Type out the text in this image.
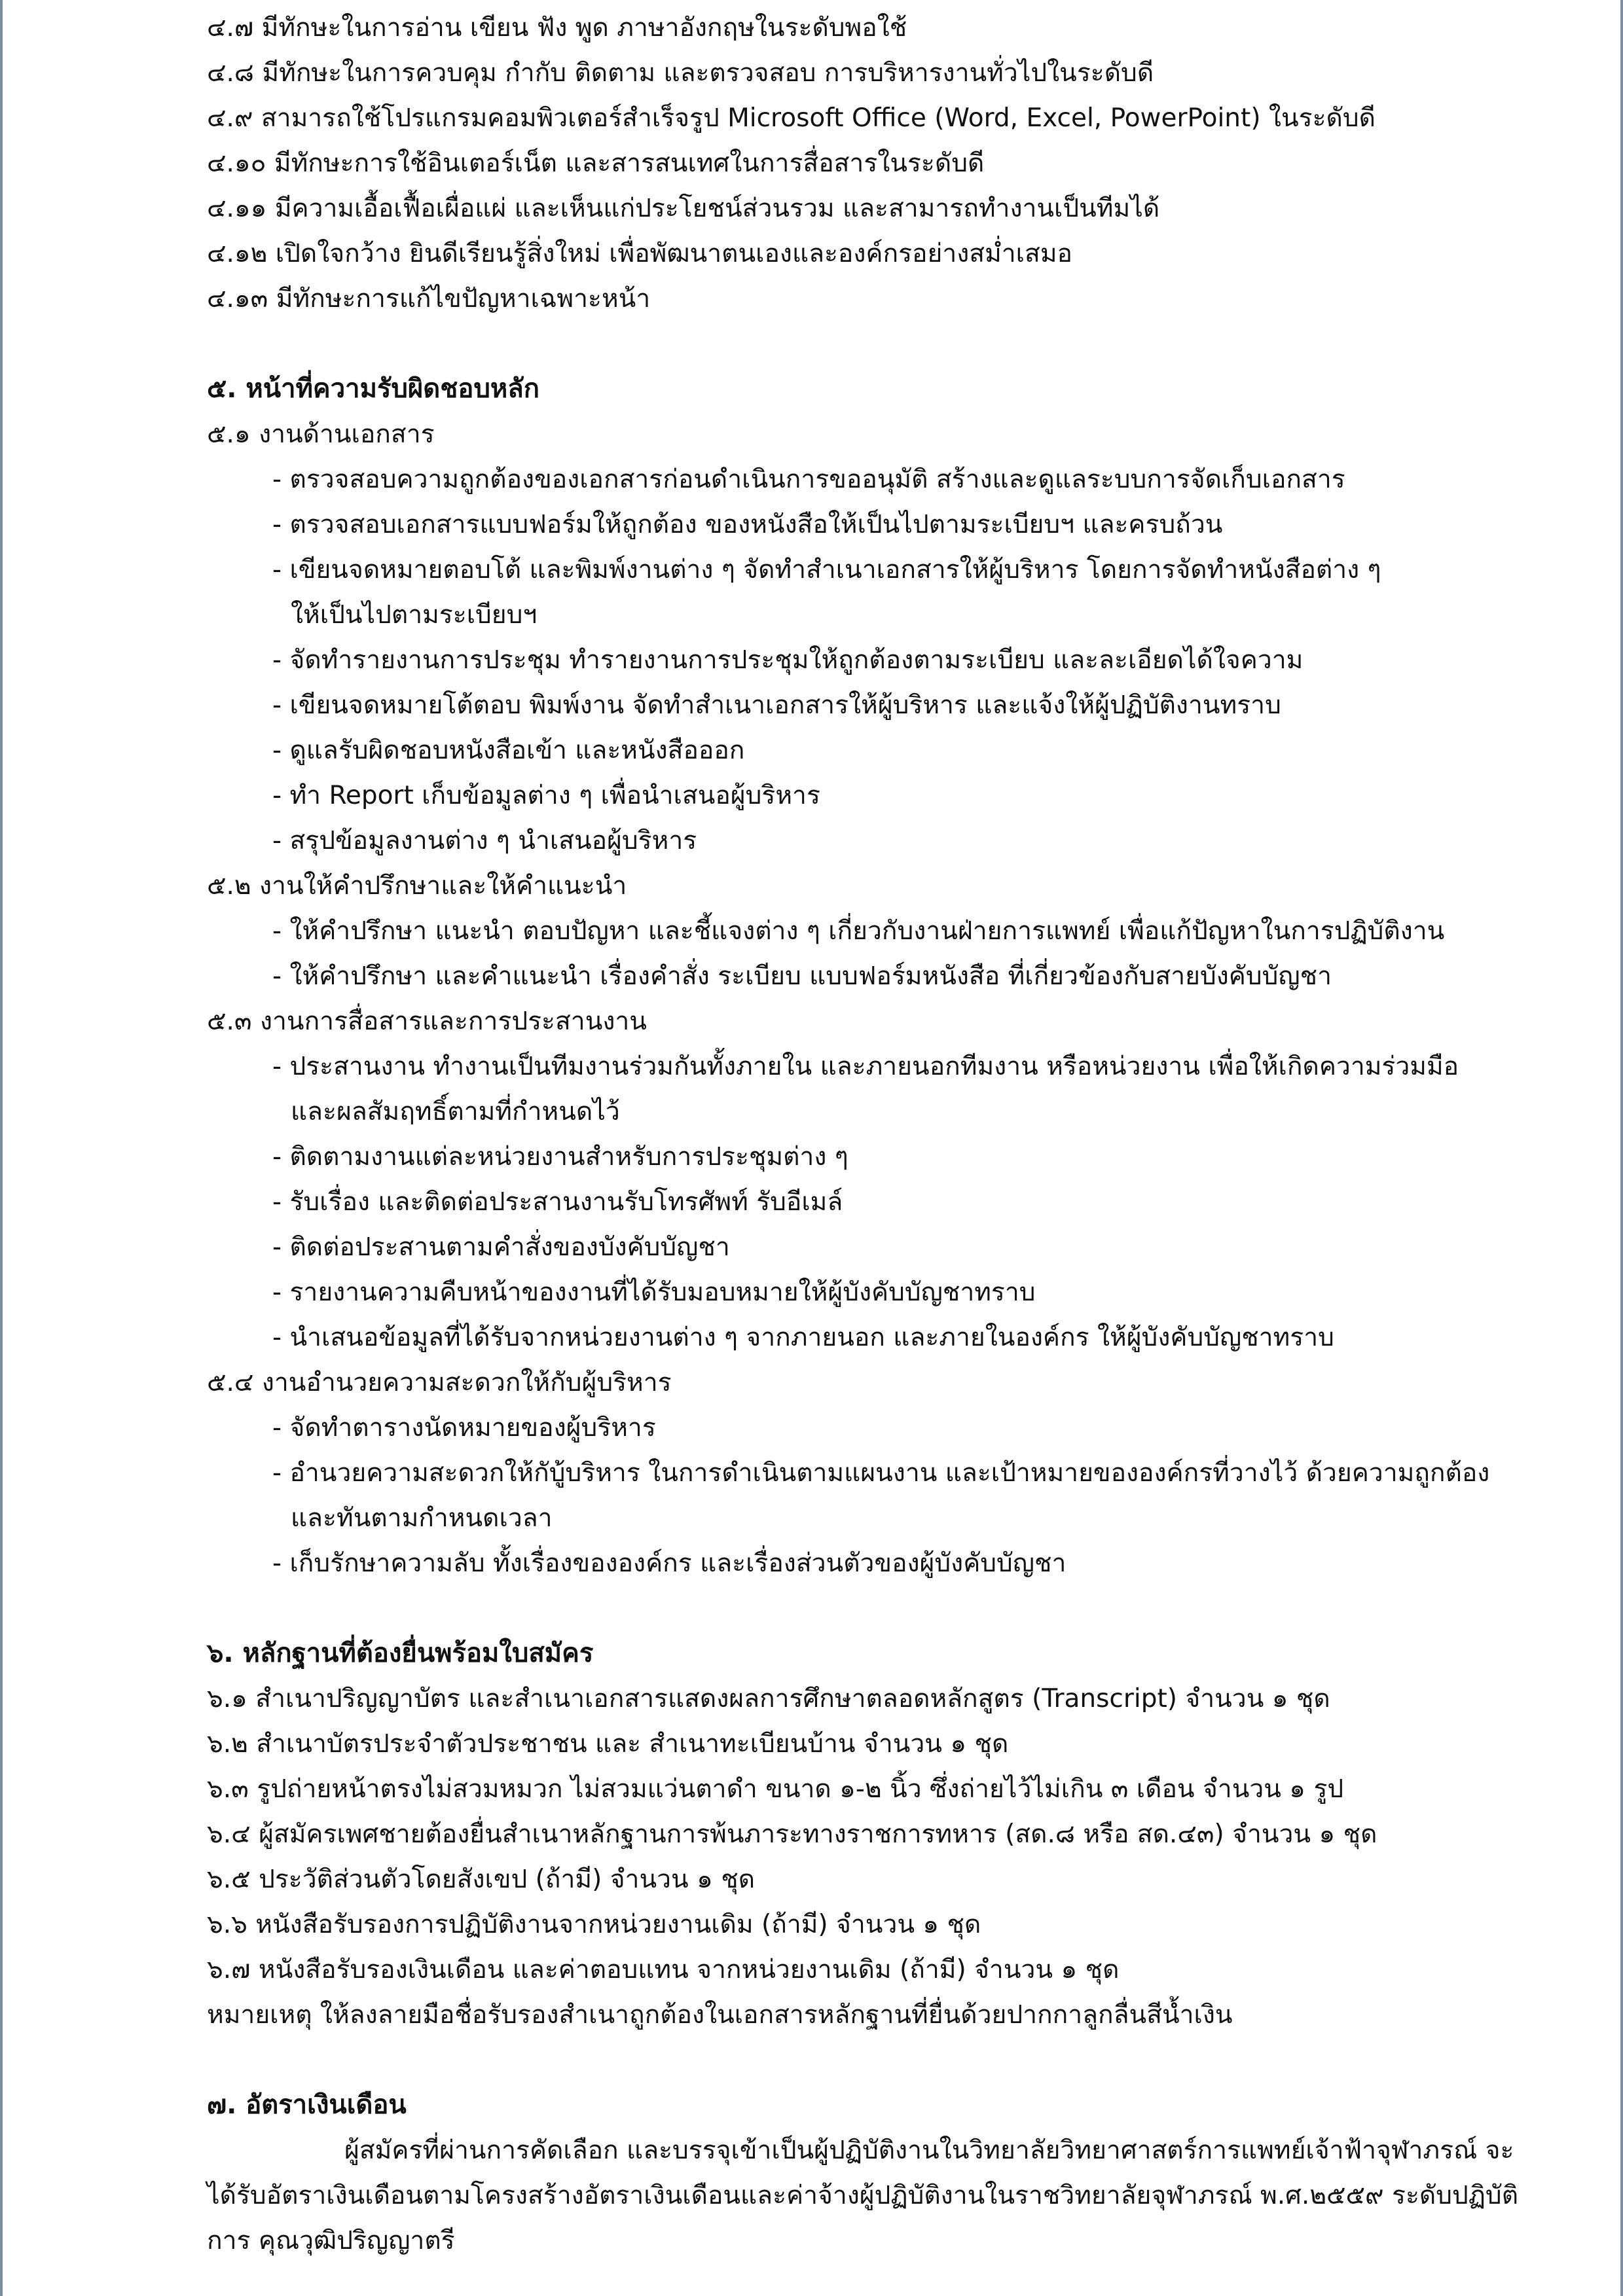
๔.๗ มีทักษะในการอ่าน เขียน ฟัง พูด ภาษาอังกฤษในระดับพอใช้
๔.๘ มีทักษะในการควบคุม กำกับ ติดตาม และตรวจสอบ การบริหารงานทั่วไปในระดับดี
๔.๙ สามารถใช้โปรแกรมคอมพิวเตอร์สำเร็จรูป Microsoft Office (Word, Excel, PowerPoint) ในระดับดี
๔.๑๐ มีทักษะการใช้อินเตอร์เน็ต และสารสนเทศในการสื่อสารในระดับดี
๔.๑๑ มีความเอื้อเฟื้อเผื่อแผ่ และเห็นแก่ประโยชน์ส่วนรวม และสามารถทำงานเป็นทีมได้
๔.๑๒ เปิดใจกว้าง ยินดีเรียนรู้สิ่งใหม่ เพื่อพัฒนาตนเองและองค์กรอย่างสม่ำเสมอ
๔.๑๓ มีทักษะการแก้ไขปัญหาเฉพาะหน้า
๕. หน้าที่ความรับผิดชอบหลัก
๕.๑ งานด้านเอกสาร
- ตรวจสอบความถูกต้องของเอกสารก่อนดำเนินการขออนุมัติ สร้างและดูแลระบบการจัดเก็บเอกสาร
- ตรวจสอบเอกสารแบบฟอร์มให้ถูกต้อง ของหนังสือให้เป็นไปตามระเบียบฯ และครบถ้วน
- เขียนจดหมายตอบโต้ และพิมพ์งานต่าง ๆ จัดทำสำเนาเอกสารให้ผู้บริหาร โดยการจัดทำหนังสือต่าง ๆ
ให้เป็นไปตามระเบียบฯ
- จัดทำรายงานการประชุม ทำรายงานการประชุมให้ถูกต้องตามระเบียบ และละเอียดได้ใจความ
- เขียนจดหมายโต้ตอบ พิมพ์งาน จัดทำสำเนาเอกสารให้ผู้บริหาร และแจ้งให้ผู้ปฏิบัติงานทราบ
- ดูแลรับผิดชอบหนังสือเข้า และหนังสือออก
- ทำ Report เก็บข้อมูลต่าง ๆ เพื่อนำเสนอผู้บริหาร
- สรุปข้อมูลงานต่าง ๆ นำเสนอผู้บริหาร
๕.๒ งานให้คำปรึกษาและให้คำแนะนำ
- ให้คำปรึกษา แนะนำ ตอบปัญหา และชี้แจงต่าง ๆ เกี่ยวกับงานฝ่ายการแพทย์ เพื่อแก้ปัญหาในการปฏิบัติงาน
- ให้คำปรึกษา และคำแนะนำ เรื่องคำสั่ง ระเบียบ แบบฟอร์มหนังสือ ที่เกี่ยวข้องกับสายบังคับบัญชา
๕.๓ งานการสื่อสารและการประสานงาน
- ประสานงาน ทำงานเป็นทีมงานร่วมกันทั้งภายใน และภายนอกทีมงาน หรือหน่วยงาน เพื่อให้เกิดความร่วมมือ
และผลสัมฤทธิ์ตามที่กำหนดไว้
- ติดตามงานแต่ละหน่วยงานสำหรับการประชุมต่าง ๆ
- รับเรื่อง และติดต่อประสานงานรับโทรศัพท์ รับอีเมล์
- ติดต่อประสานตามคำสั่งของบังคับบัญชา
- รายงานความคืบหน้าของงานที่ได้รับมอบหมายให้ผู้บังคับบัญชาทราบ
- นำเสนอข้อมูลที่ได้รับจากหน่วยงานต่าง ๆ จากภายนอก และภายในองค์กร ให้ผู้บังคับบัญชาทราบ
๕.๔ งานอำนวยความสะดวกให้กับผู้บริหาร
- จัดทำตารางนัดหมายของผู้บริหาร
- อำนวยความสะดวกให้กับู้บริหาร ในการดำเนินตามแผนงาน และเป้าหมายขององค์กรที่วางไว้ ด้วยความถูกต้อง
และทันตามกำหนดเวลา
- เก็บรักษาความลับ ทั้งเรื่องขององค์กร และเรื่องส่วนตัวของผู้บังคับบัญชา
๖. หลักฐานที่ต้องยื่นพร้อมใบสมัคร
๖.๑ สำเนาปริญญาบัตร และสำเนาเอกสารแสดงผลการศึกษาตลอดหลักสูตร (Transcript) จำนวน ๑ ชุด
๖.๒ สำเนาบัตรประจำตัวประชาชน และ สำเนาทะเบียนบ้าน จำนวน ๑ ชุด
๖.๓ รูปถ่ายหน้าตรงไม่สวมหมวก ไม่สวมแว่นตาดำ ขนาด ๑-๒ นิ้ว ซึ่งถ่ายไว้ไม่เกิน ๓ เดือน จำนวน ๑ รูป
๖.๔ ผู้สมัครเพศชายต้องยื่นสำเนาหลักฐานการพ้นภาระทางราชการทหาร (สด.๘ หรือ สด.๔๓) จำนวน ๑ ชุด
๖.๕ ประวัติส่วนตัวโดยสังเขป (ถ้ามี) จำนวน ๑ ชุด
๖.๖ หนังสือรับรองการปฏิบัติงานจากหน่วยงานเดิม (ถ้ามี) จำนวน ๑ ชุด
๖.๗ หนังสือรับรองเงินเดือน และค่าตอบแทน จากหน่วยงานเดิม (ถ้ามี) จำนวน ๑ ชุด
หมายเหตุ ให้ลงลายมือชื่อรับรองสำเนาถูกต้องในเอกสารหลักฐานที่ยื่นด้วยปากกาลูกลื่นสีน้ำเงิน
๗. อัตราเงินเดือน
ผู้สมัครที่ผ่านการคัดเลือก และบรรจุเข้าเป็นผู้ปฏิบัติงานในวิทยาลัยวิทยาศาสตร์การแพทย์เจ้าฟ้าจุฬาภรณ์ จะ
ได้รับอัตราเงินเดือนตามโครงสร้างอัตราเงินเดือนและค่าจ้างผู้ปฏิบัติงานในราชวิทยาลัยจุฬาภรณ์ พ.ศ.๒๕๕๙ ระดับปฏิบัติ
การ คุณวุฒิปริญญาตรี
